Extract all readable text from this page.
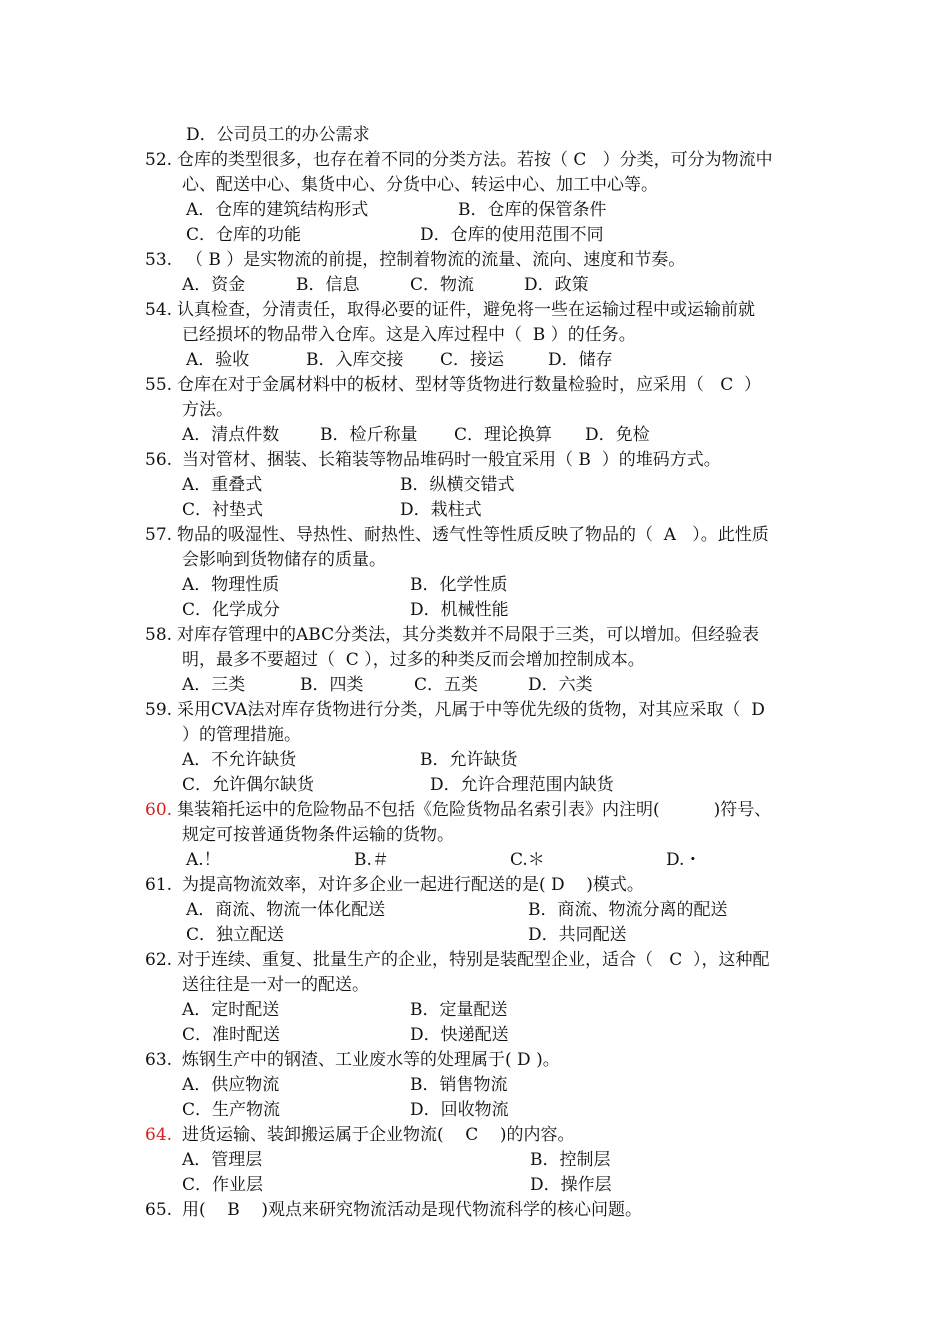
D．公司员工的办公需求
52. 仓库的类型很多，也存在着不同的分类方法。若按（ C   ）分类，可分为物流中
心、配送中心、集货中心、分货中心、转运中心、加工中心等。
A．仓库的建筑结构形式	B．仓库的保管条件
C．仓库的功能	D．仓库的使用范围不同
53. （ B ）是实物流的前提，控制着物流的流量、流向、速度和节奏。
A．资金	B．信息	C．物流	D．政策
54. 认真检查，分清责任，取得必要的证件，避免将一些在运输过程中或运输前就
已经损坏的物品带入仓库。这是入库过程中（  B ）的任务。
A．验收	B．入库交接 C．接运	D．储存
55. 仓库在对于金属材料中的板材、型材等货物进行数量检验时，应采用（   C  ）
方法。
A．清点件数 B．检斤称量 C．理论换算 D．免检
56. 当对管材、捆装、长箱装等物品堆码时一般宜采用（ B  ）的堆码方式。
A．重叠式	B．纵横交错式
C．衬垫式	D．栽柱式
57. 物品的吸湿性、导热性、耐热性、透气性等性质反映了物品的（  A   ）。此性质
会影响到货物储存的质量。
A．物理性质	B．化学性质
C．化学成分	D．机械性能
58. 对库存管理中的ABC分类法，其分类数并不局限于三类，可以增加。但经验表
明，最多不要超过（  C ），过多的种类反而会增加控制成本。
A．三类	B．四类	C．五类	D．六类
59. 采用CVA法对库存货物进行分类，凡属于中等优先级的货物，对其应采取（  D
）的管理措施。
A．不允许缺货	B．允许缺货
C．允许偶尔缺货	D．允许合理范围内缺货
60. 集装箱托运中的危险物品不包括《危险货物品名索引表》内注明(          )符号、
规定可按普通货物条件运输的货物。
A.！	B.＃	C.＊	D.・
61. 为提高物流效率，对许多企业一起进行配送的是( D    )模式。
A．商流、物流一体化配送	B．商流、物流分离的配送
C．独立配送	D．共同配送
62. 对于连续、重复、批量生产的企业，特别是装配型企业，适合（   C  ），这种配
送往往是一对一的配送。
A．定时配送	B．定量配送
C．准时配送	D．快递配送
63. 炼钢生产中的钢渣、工业废水等的处理属于( D )。
A．供应物流	B．销售物流
C．生产物流	D．回收物流
64. 进货运输、装卸搬运属于企业物流(    C    )的内容。
A．管理层	B．控制层
C．作业层	D．操作层
65. 用(    B    )观点来研究物流活动是现代物流科学的核心问题。
